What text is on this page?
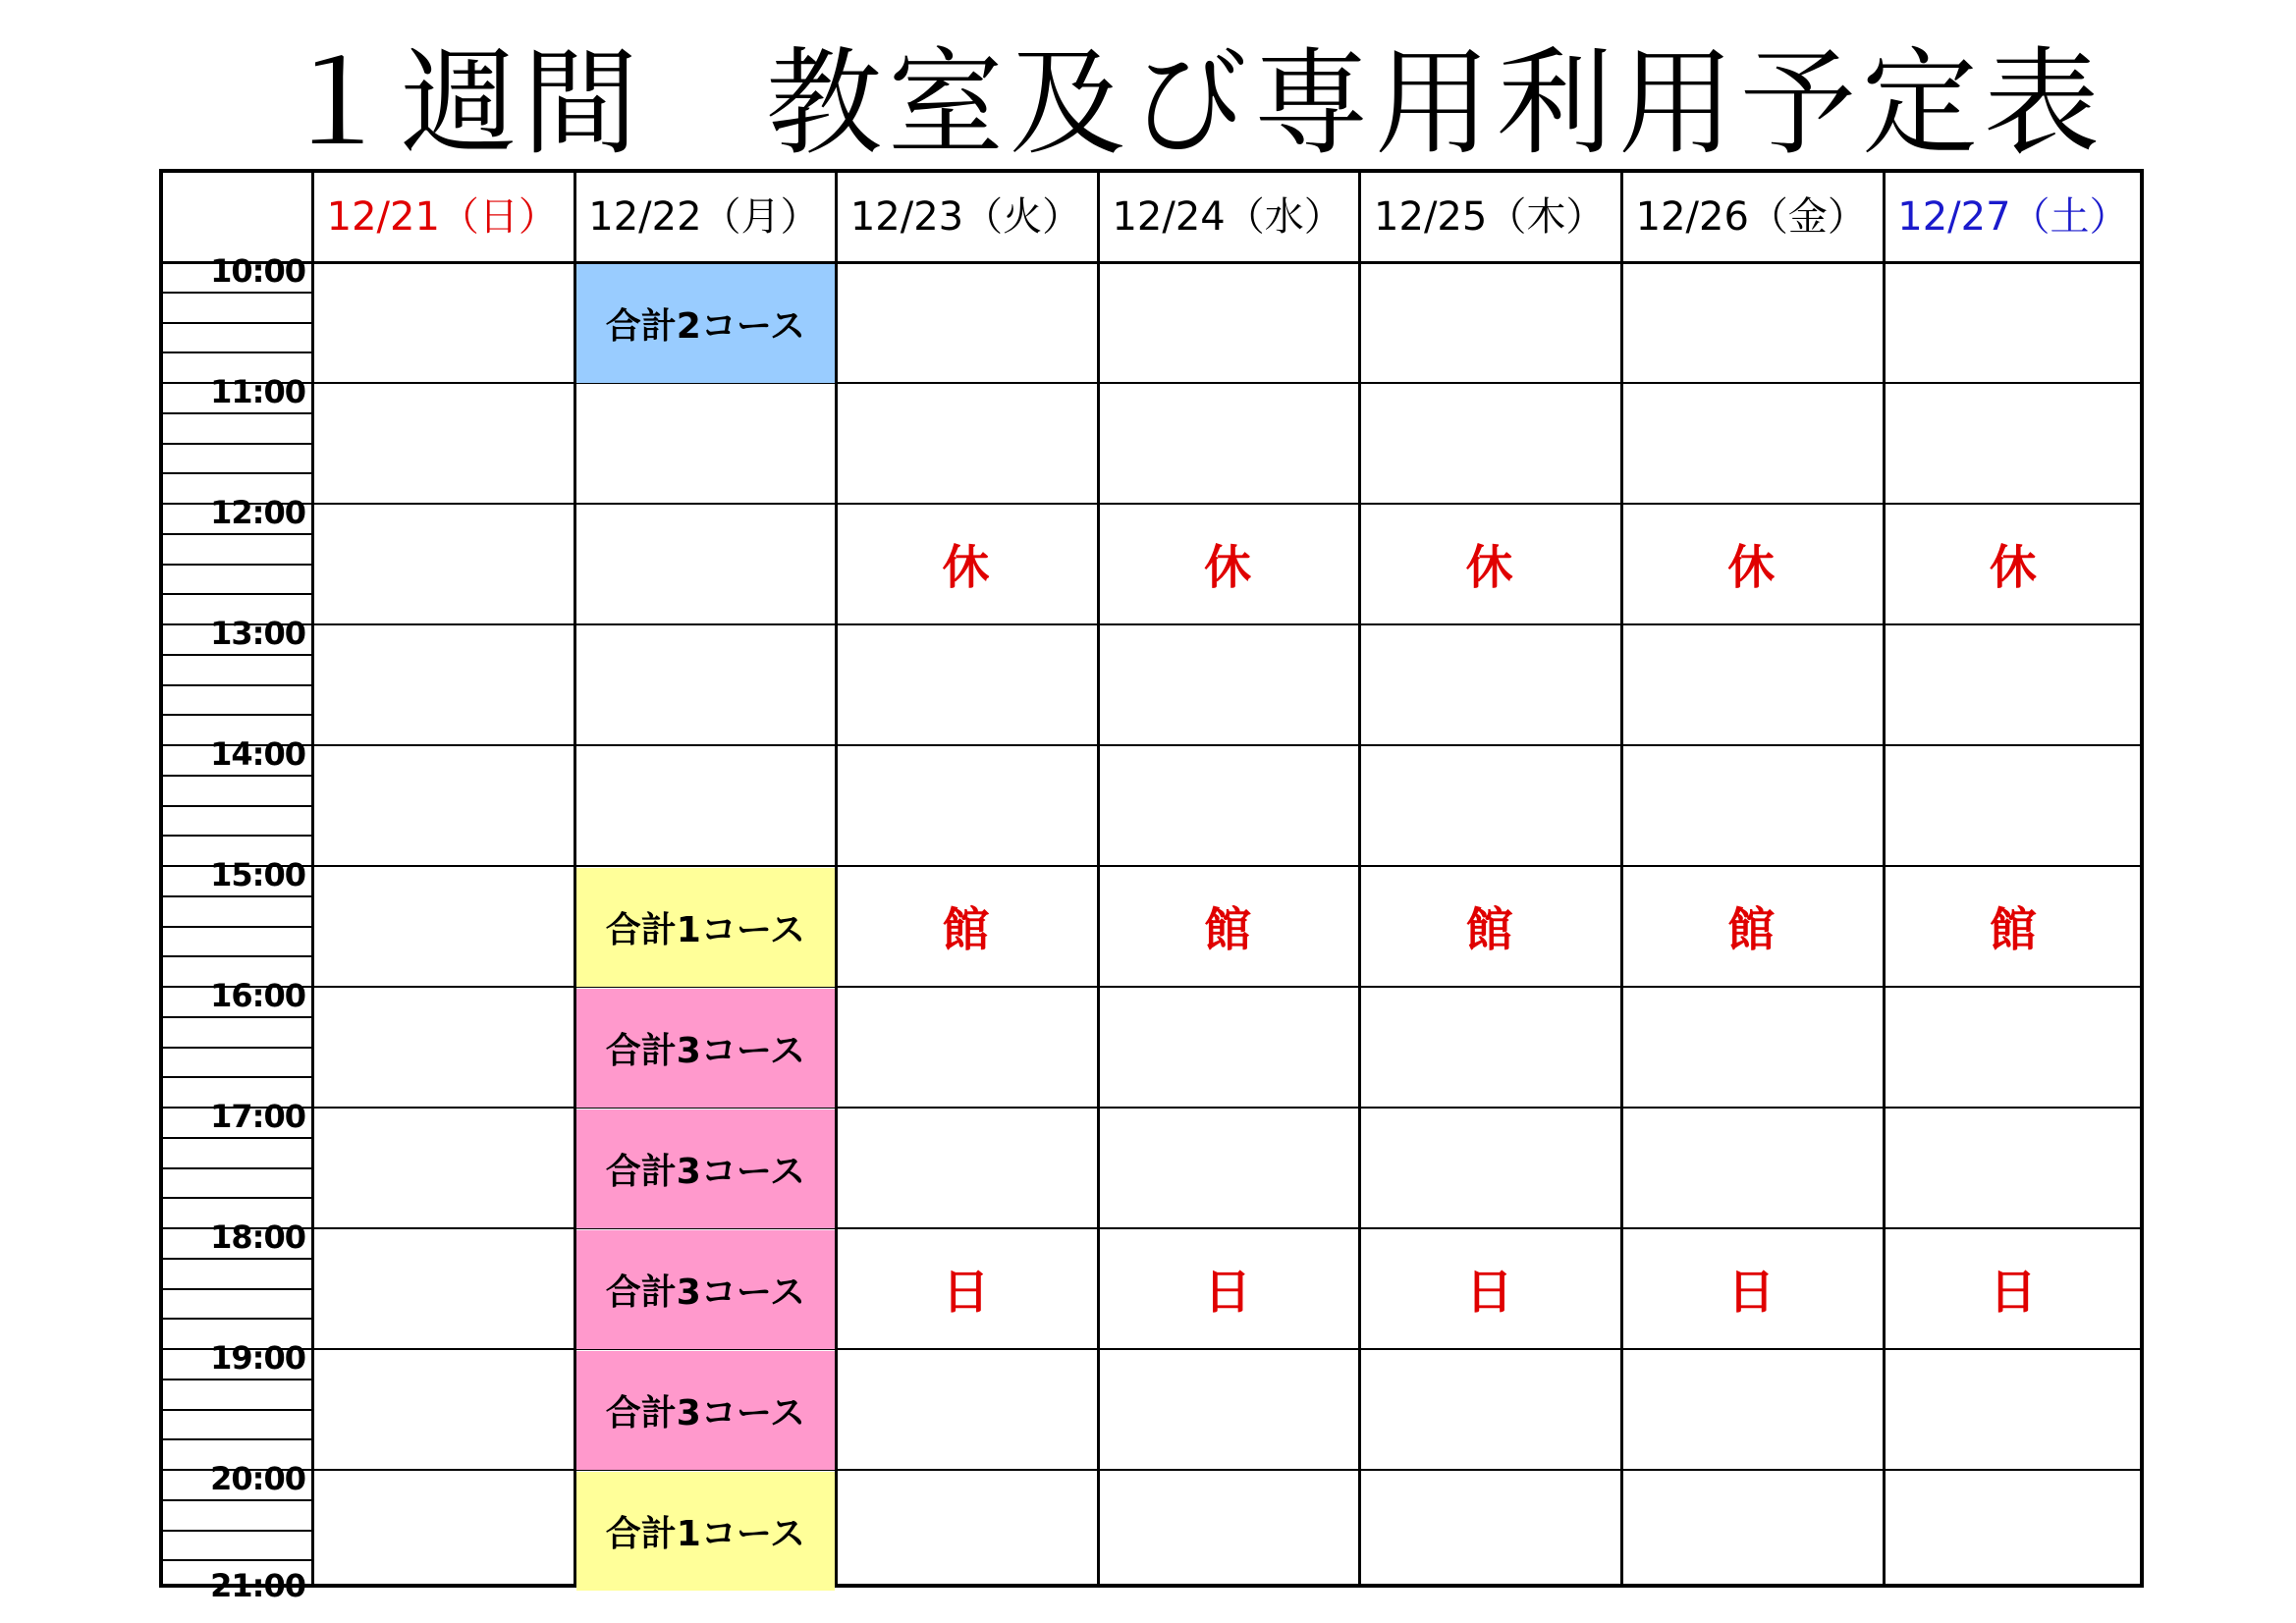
１週間　教室及び専用利用予定表
10:00
11:00
12:00
13:00
14:00
15:00
16:00
17:00
18:00
19:00
20:00
21:00
12/21（日） 12/22（月） 12/23（火） 12/24（水） 12/25（木） 12/26（金） 12/27（土）
合計2コース
合計1コース
合計3コース
合計3コース
合計3コース
合計3コース
合計1コース
休
館
日
休
館
日
休
館
日
休
館
日
休
館
日
